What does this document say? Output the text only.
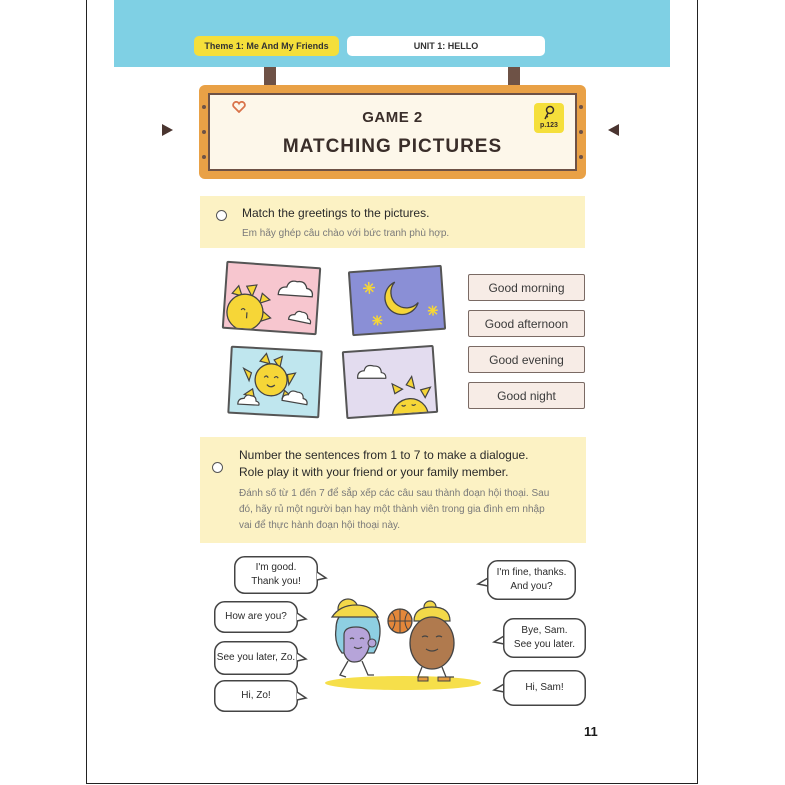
Theme 1: Me And My Friends	UNIT 1: HELLO
GAME 2
MATCHING PICTURES
p.123
Match the greetings to the pictures.
Em hãy ghép câu chào với bức tranh phù hợp.
Good morning
Good afternoon
Good evening
Good night
Number the sentences from 1 to 7 to make a dialogue.
Role play it with your friend or your family member.
Đánh số từ 1 đến 7 để sắp xếp các câu sau thành đoạn hội thoại. Sau
đó, hãy rủ một người bạn hay một thành viên trong gia đình em nhập
vai để thực hành đoạn hội thoại này.
I'm good.
Thank you!
How are you?
See you later, Zo.
Hi, Zo!
I'm fine, thanks.
And you?
Bye, Sam.
See you later.
Hi, Sam!
11
